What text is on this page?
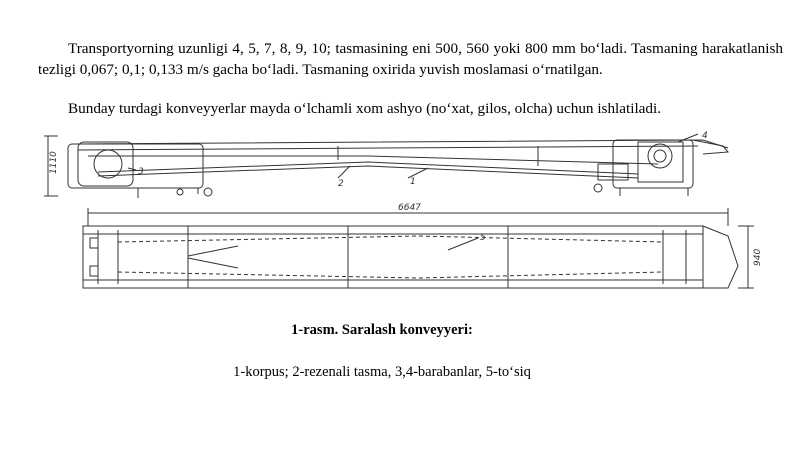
Transportyorning uzunligi 4, 5, 7, 8, 9, 10; tasmasining eni 500, 560 yoki 800 mm bo‘ladi. Tasmaning harakatlanish tezligi 0,067; 0,1; 0,133 m/s gacha bo‘ladi. Tasmaning oxirida yuvish moslamasi o‘rnatilgan.

Bunday turdagi konveyyerlar mayda o‘lchamli xom ashyo (no‘xat, gilos, olcha) uchun ishlatiladi.

3
2	1
4
5
6647
1110
940

1-rasm. Saralash konveyyeri:

1-korpus; 2-rezenali tasma, 3,4-barabanlar, 5-to‘siq
